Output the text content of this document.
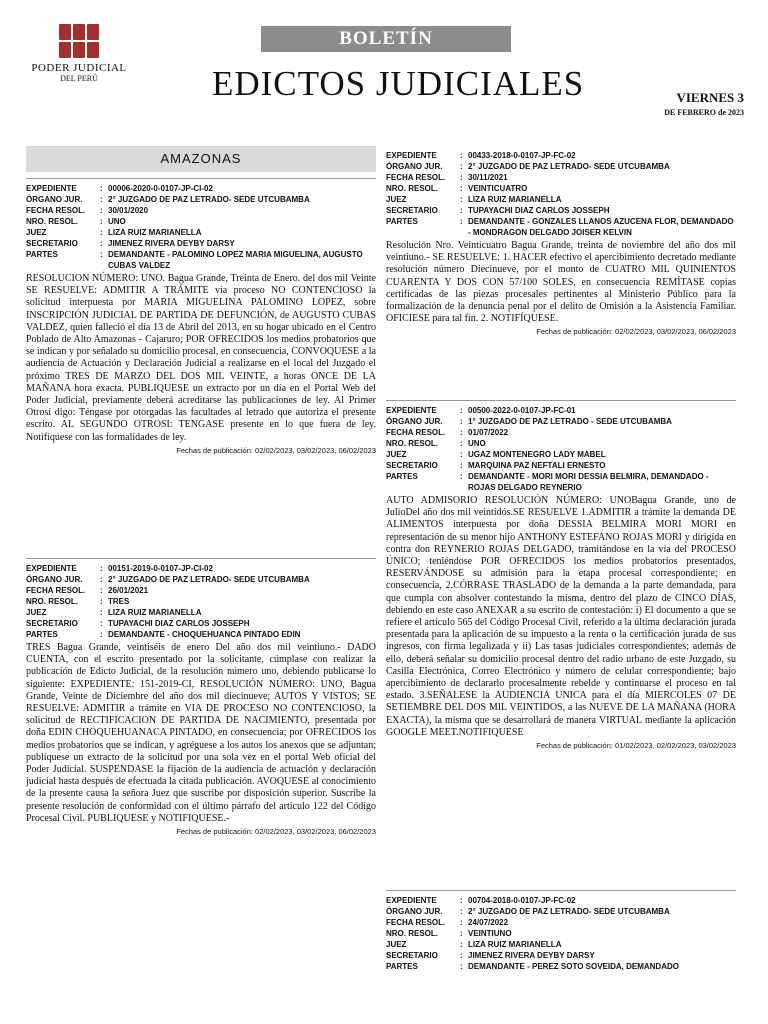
PODER JUDICIAL
DEL PERÚ
BOLETÍN
EDICTOS JUDICIALES	VIERNES 3
DE FEBRERO de 2023
AMAZONAS
EXPEDIENTE	: 00006-2020-0-0107-JP-CI-02
ÓRGANO JUR.	: 2° JUZGADO DE PAZ LETRADO- SEDE UTCUBAMBA
FECHA RESOL.	: 30/01/2020
NRO. RESOL.	: UNO
JUEZ	: LIZA RUIZ MARIANELLA
SECRETARIO	: JIMENEZ RIVERA DEYBY DARSY
PARTES	: DEMANDANTE - PALOMINO LOPEZ MARIA MIGUELINA, AUGUSTO CUBAS VALDEZ
RESOLUCION NÚMERO: UNO. Bagua Grande, Treinta de Enero. del dos mil Veinte SE RESUELVE: ADMITIR A TRÁMITE vía proceso NO CONTENCIOSO la solicitud interpuesta por MARIA MIGUELINA PALOMINO LOPEZ, sobre INSCRIPCIÓN JUDICIAL DE PARTIDA DE DEFUNCIÓN, de AUGUSTO CUBAS VALDEZ, quien falleció el día 13 de Abril del 2013, en su hogar ubicado en el Centro Poblado de Alto Amazonas - Cajaruro; POR OFRECIDOS los medios probatorios que se indican y por señalado su domicilio procesal, en consecuencia, CONVOQUESE a la audiencia de Actuación y Declaración Judicial a realizarse en el local del Juzgado el próximo TRES DE MARZO DEL DOS MIL VEINTE, a horas ONCE DE LA MAÑANA hora exacta. PUBLIQUESE un extracto por un día en el Portal Web del Poder Judicial, previamente deberá acreditarse las publicaciones de ley. Al Primer Otrosí digo: Téngase por otorgadas las facultades al letrado que autoriza el presente escrito. AL SEGUNDO OTROSI: TENGASE presente en lo que fuera de ley. Notifíquese con las formalidades de ley.
Fechas de publicación: 02/02/2023, 03/02/2023, 06/02/2023
EXPEDIENTE	: 00151-2019-0-0107-JP-CI-02
ÓRGANO JUR.	: 2° JUZGADO DE PAZ LETRADO- SEDE UTCUBAMBA
FECHA RESOL.	: 26/01/2021
NRO. RESOL.	: TRES
JUEZ	: LIZA RUIZ MARIANELLA
SECRETARIO	: TUPAYACHI DIAZ CARLOS JOSSEPH
PARTES	: DEMANDANTE - CHOQUEHUANCA PINTADO EDIN
TRES Bagua Grande, veintiséis de enero Del año dos mil veintiuno.- DADO CUENTA, con el escrito presentado por la solicitante, cúmplase con realizar la publicación de Edicto Judicial, de la resolución número uno, debiendo publicarse lo siguiente: EXPEDIENTE: 151-2019-CI, RESOLUCIÓN NÚMERO: UNO, Bagua Grande, Veinte de Diciembre del año dos mil diecinueve; AUTOS Y VISTOS; SE RESUELVE: ADMITIR a trámite en VIA DE PROCESO NO CONTENCIOSO, la solicitud de RECTIFICACION DE PARTIDA DE NACIMIENTO, presentada por doña EDIN CHOQUEHUANACA PINTADO, en consecuencia; por OFRECIDOS los medios probatorios que se indican, y agréguese a los autos los anexos que se adjuntan; publíquese un extracto de la solicitud por una sola vez en el portal Web oficial del Poder Judicial. SUSPENDASE la fijación de la audiencia de actuación y declaración judicial hasta después de efectuada la citada publicación. AVOQUESE al conocimiento de la presente causa la señora Juez que suscribe por disposición superior. Suscribe la presente resolución de conformidad con el último párrafo del artículo 122 del Código Procesal Civil. PUBLIQUESE y NOTIFIQUESE.-
Fechas de publicación: 02/02/2023, 03/02/2023, 06/02/2023
EXPEDIENTE	: 00433-2018-0-0107-JP-FC-02
ÓRGANO JUR.	: 2° JUZGADO DE PAZ LETRADO- SEDE UTCUBAMBA
FECHA RESOL.	: 30/11/2021
NRO. RESOL.	: VEINTICUATRO
JUEZ	: LIZA RUIZ MARIANELLA
SECRETARIO	: TUPAYACHI DIAZ CARLOS JOSSEPH
PARTES	: DEMANDANTE - GONZALES LLANOS AZUCENA FLOR, DEMANDADO - MONDRAGON DELGADO JOISER KELVIN
Resolución Nro. Veinticuatro Bagua Grande, treinta de noviembre del año dos mil veintiuno.- SE RESUELVE: 1. HACER efectivo el apercibimiento decretado mediante resolución número Diecinueve, por el monto de CUATRO MIL QUINIENTOS CUARENTA Y DOS CON 57/100 SOLES, en consecuencia REMÍTASE copias certificadas de las piezas procesales pertinentes al Ministerio Público para la formalización de la denuncia penal por el delito de Omisión a la Asistencia Familiar. OFICIESE para tal fin. 2. NOTIFÍQUESE.
Fechas de publicación: 02/02/2023, 03/02/2023, 06/02/2023
EXPEDIENTE	: 00500-2022-0-0107-JP-FC-01
ÓRGANO JUR.	: 1° JUZGADO DE PAZ LETRADO - SEDE UTCUBAMBA
FECHA RESOL.	: 01/07/2022
NRO. RESOL.	: UNO
JUEZ	: UGAZ MONTENEGRO LADY MABEL
SECRETARIO	: MARQUINA PAZ NEFTALI ERNESTO
PARTES	: DEMANDANTE - MORI MORI DESSIA BELMIRA, DEMANDADO - ROJAS DELGADO REYNERIO
AUTO ADMISORIO RESOLUCIÓN NÚMERO: UNOBagua Grande, uno de JulioDel año dos mil veintidós.SE RESUELVE 1.ADMITIR a trámite la demanda DE ALIMENTOS interpuesta por doña DESSIA BELMIRA MORI MORI en representación de su menor hijo ANTHONY ESTEFANO ROJAS MORI y dirigida en contra don REYNERIO ROJAS DELGADO, tramitándose en la vía del PROCESO ÚNICO; teniéndose POR OFRECIDOS los medios probatorios presentados, RESERVÁNDOSE su admisión para la etapa procesal correspondiente; en consecuencia, 2.CÓRRASE TRASLADO de la demanda a la parte demandada, para que cumpla con absolver contestando la misma, dentro del plazo de CINCO DÍAS, debiendo en este caso ANEXAR a su escrito de contestación: i) El documento a que se refiere el artículo 565 del Código Procesal Civil, referido a la última declaración jurada presentada para la aplicación de su impuesto a la renta o la certificación jurada de sus ingresos, con firma legalizada y ii) Las tasas judiciales correspondientes; además de ello, deberá señalar su domicilio procesal dentro del radio urbano de este Juzgado, su Casilla Electrónica, Correo Electrónico y número de celular correspondiente; bajo apercibimiento de declararlo procesalmente rebelde y continuarse el proceso en tal estado. 3.SEÑALESE la AUDIENCIA UNICA para el día MIERCOLES 07 DE SETIEMBRE DEL DOS MIL VEINTIDOS, a las NUEVE DE LA MAÑANA (HORA EXACTA), la misma que se desarrollará de manera VIRTUAL mediante la aplicación GOOGLE MEET.NOTIFIQUESE
Fechas de publicación: 01/02/2023, 02/02/2023, 03/02/2023
EXPEDIENTE	: 00704-2018-0-0107-JP-FC-02
ÓRGANO JUR.	: 2° JUZGADO DE PAZ LETRADO- SEDE UTCUBAMBA
FECHA RESOL.	: 24/07/2022
NRO. RESOL.	: VEINTIUNO
JUEZ	: LIZA RUIZ MARIANELLA
SECRETARIO	: JIMENEZ RIVERA DEYBY DARSY
PARTES	: DEMANDANTE - PEREZ SOTO SOVEIDA, DEMANDADO
